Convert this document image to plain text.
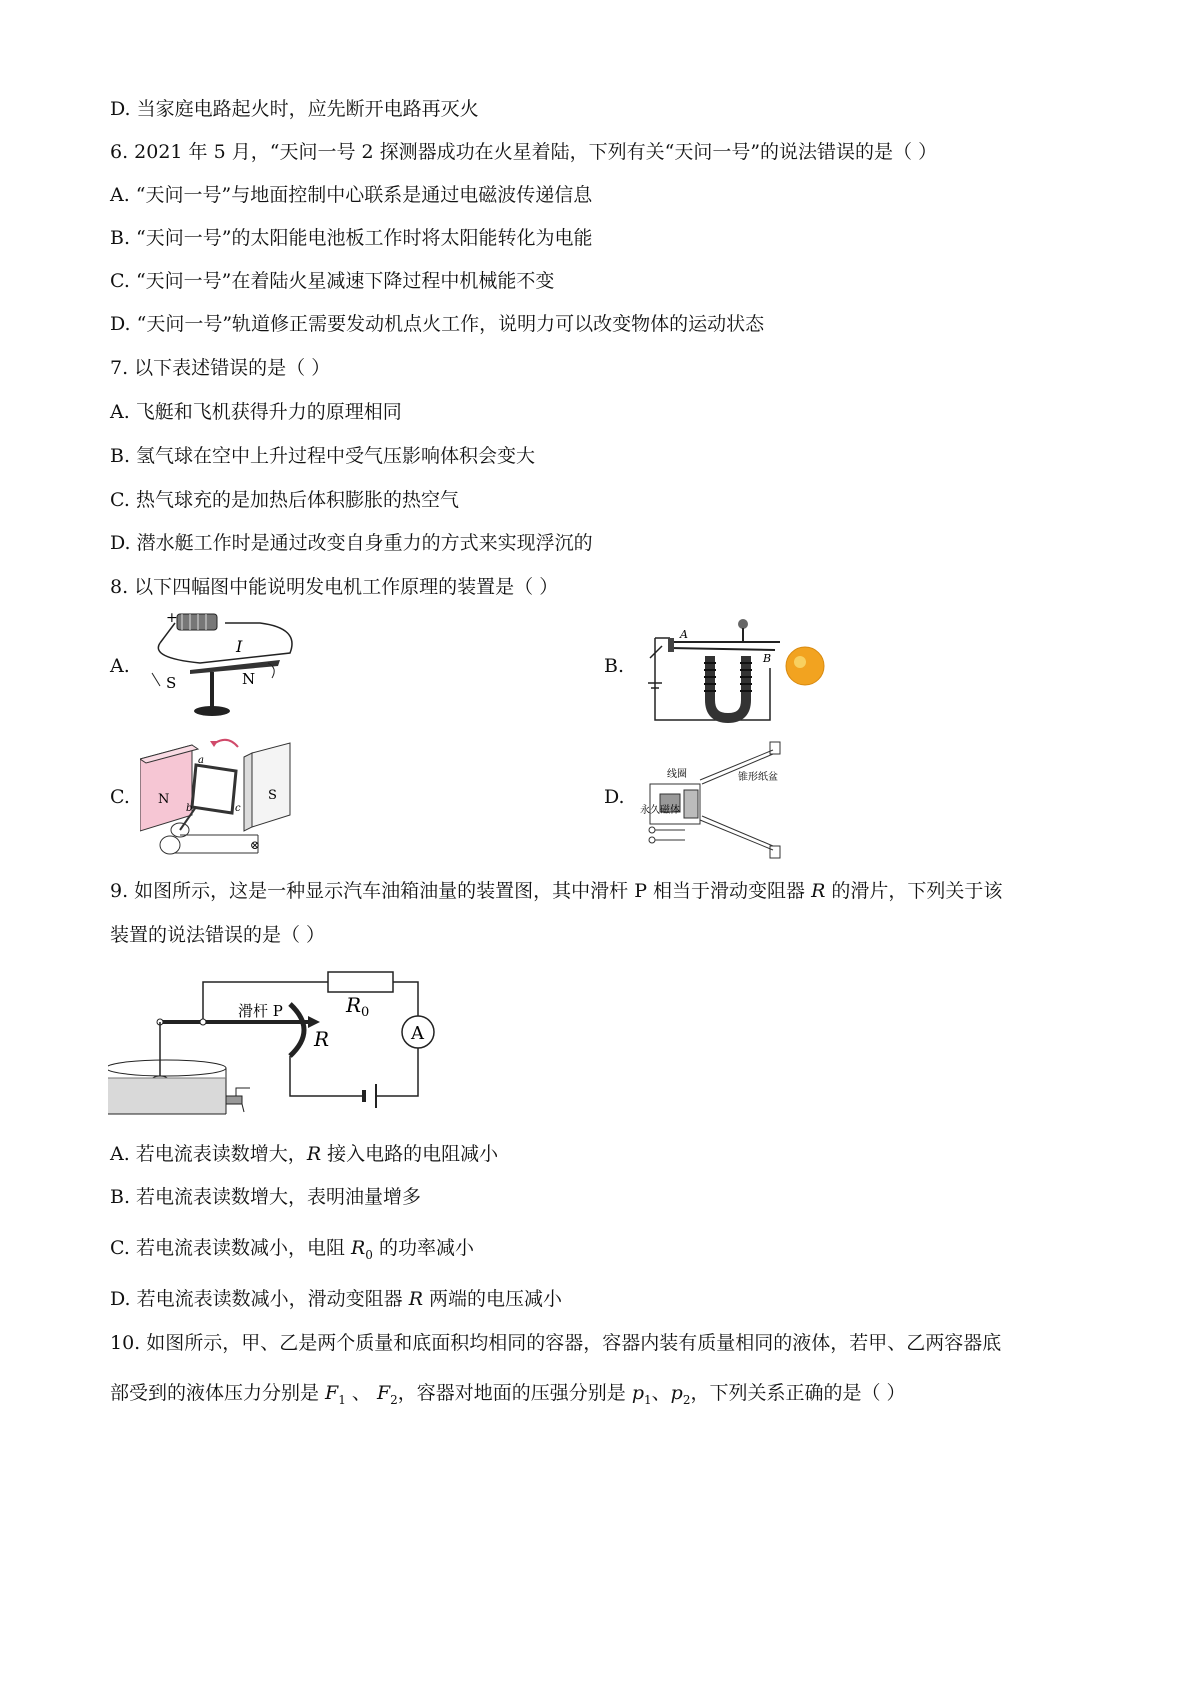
D. 当家庭电路起火时，应先断开电路再灭火
6. 2021 年 5 月，“天问一号 2 探测器成功在火星着陆，下列有关“天问一号”的说法错误的是（ ）
A. “天问一号”与地面控制中心联系是通过电磁波传递信息
B. “天问一号”的太阳能电池板工作时将太阳能转化为电能
C. “天问一号”在着陆火星减速下降过程中机械能不变
D. “天问一号”轨道修正需要发动机点火工作，说明力可以改变物体的运动状态
7. 以下表述错误的是（ ）
A. 飞艇和飞机获得升力的原理相同
B. 氢气球在空中上升过程中受气压影响体积会变大
C. 热气球充的是加热后体积膨胀的热空气
D. 潜水艇工作时是通过改变自身重力的方式来实现浮沉的
8. 以下四幅图中能说明发电机工作原理的装置是（ ）
A.	B.
C.	D.
+
I
S	N
A
B
N	S
a
b	c
⊗
线圈	锥形纸盆
永久磁体
9. 如图所示，这是一种显示汽车油箱油量的装置图，其中滑杆 P 相当于滑动变阻器 R 的滑片，下列关于该
装置的说法错误的是（ ）
A
滑杆 P
R
R 0
A. 若电流表读数增大，R 接入电路的电阻减小
B. 若电流表读数增大，表明油量增多
C. 若电流表读数减小，电阻 $R_0$ 的功率减小
D. 若电流表读数减小，滑动变阻器 R 两端的电压减小
10. 如图所示，甲、乙是两个质量和底面积均相同的容器，容器内装有质量相同的液体，若甲、乙两容器底
部受到的液体压力分别是 $F_1$ 、 $F_2$，容器对地面的压强分别是 $p_1$、$p_2$，下列关系正确的是（ ）
